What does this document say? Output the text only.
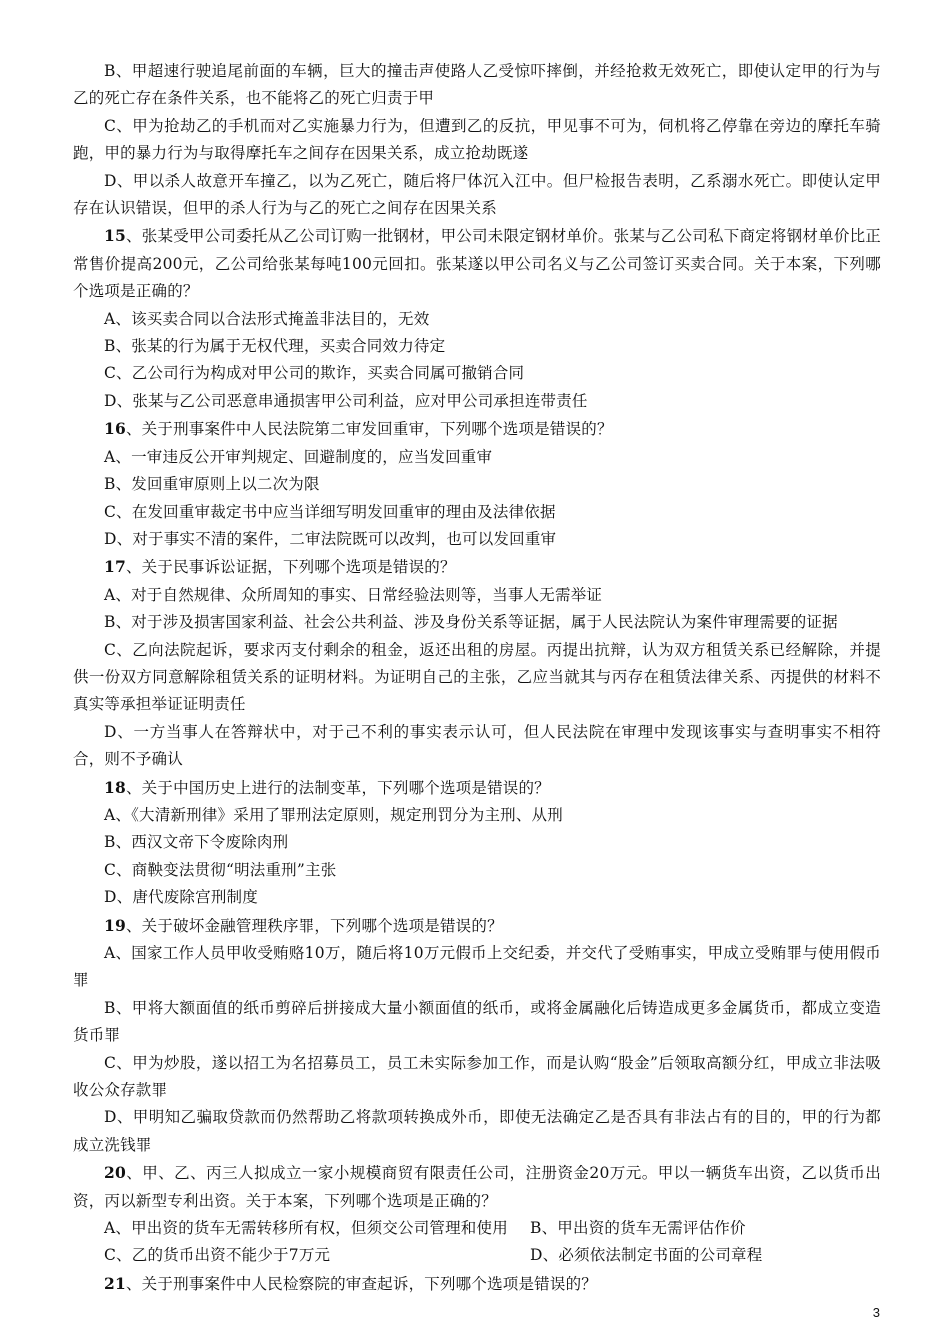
B、甲超速行驶追尾前面的车辆，巨大的撞击声使路人乙受惊吓摔倒，并经抢救无效死亡，即使认定甲的行为与乙的死亡存在条件关系，也不能将乙的死亡归责于甲

C、甲为抢劫乙的手机而对乙实施暴力行为，但遭到乙的反抗，甲见事不可为，伺机将乙停靠在旁边的摩托车骑跑，甲的暴力行为与取得摩托车之间存在因果关系，成立抢劫既遂

D、甲以杀人故意开车撞乙，以为乙死亡，随后将尸体沉入江中。但尸检报告表明，乙系溺水死亡。即使认定甲存在认识错误，但甲的杀人行为与乙的死亡之间存在因果关系

15、张某受甲公司委托从乙公司订购一批钢材，甲公司未限定钢材单价。张某与乙公司私下商定将钢材单价比正常售价提高200元，乙公司给张某每吨100元回扣。张某遂以甲公司名义与乙公司签订买卖合同。关于本案，下列哪个选项是正确的？

A、该买卖合同以合法形式掩盖非法目的，无效

B、张某的行为属于无权代理，买卖合同效力待定

C、乙公司行为构成对甲公司的欺诈，买卖合同属可撤销合同

D、张某与乙公司恶意串通损害甲公司利益，应对甲公司承担连带责任

16、关于刑事案件中人民法院第二审发回重审，下列哪个选项是错误的？

A、一审违反公开审判规定、回避制度的，应当发回重审

B、发回重审原则上以二次为限

C、在发回重审裁定书中应当详细写明发回重审的理由及法律依据

D、对于事实不清的案件，二审法院既可以改判，也可以发回重审

17、关于民事诉讼证据，下列哪个选项是错误的？

A、对于自然规律、众所周知的事实、日常经验法则等，当事人无需举证

B、对于涉及损害国家利益、社会公共利益、涉及身份关系等证据，属于人民法院认为案件审理需要的证据

C、乙向法院起诉，要求丙支付剩余的租金，返还出租的房屋。丙提出抗辩，认为双方租赁关系已经解除，并提供一份双方同意解除租赁关系的证明材料。为证明自己的主张，乙应当就其与丙存在租赁法律关系、丙提供的材料不真实等承担举证证明责任

D、一方当事人在答辩状中，对于己不利的事实表示认可，但人民法院在审理中发现该事实与查明事实不相符合，则不予确认

18、关于中国历史上进行的法制变革，下列哪个选项是错误的？

A、《大清新刑律》采用了罪刑法定原则，规定刑罚分为主刑、从刑

B、西汉文帝下令废除肉刑

C、商鞅变法贯彻“明法重刑”主张

D、唐代废除宫刑制度

19、关于破坏金融管理秩序罪，下列哪个选项是错误的？

A、国家工作人员甲收受贿赂10万，随后将10万元假币上交纪委，并交代了受贿事实，甲成立受贿罪与使用假币罪

B、甲将大额面值的纸币剪碎后拼接成大量小额面值的纸币，或将金属融化后铸造成更多金属货币，都成立变造货币罪

C、甲为炒股，遂以招工为名招募员工，员工未实际参加工作，而是认购“股金”后领取高额分红，甲成立非法吸收公众存款罪

D、甲明知乙骗取贷款而仍然帮助乙将款项转换成外币，即使无法确定乙是否具有非法占有的目的，甲的行为都成立洗钱罪

20、甲、乙、丙三人拟成立一家小规模商贸有限责任公司，注册资金20万元。甲以一辆货车出资，乙以货币出资，丙以新型专利出资。关于本案，下列哪个选项是正确的？

A、甲出资的货车无需转移所有权，但须交公司管理和使用	B、甲出资的货车无需评估作价
C、乙的货币出资不能少于7万元	D、必须依法制定书面的公司章程

21、关于刑事案件中人民检察院的审查起诉，下列哪个选项是错误的？

3
